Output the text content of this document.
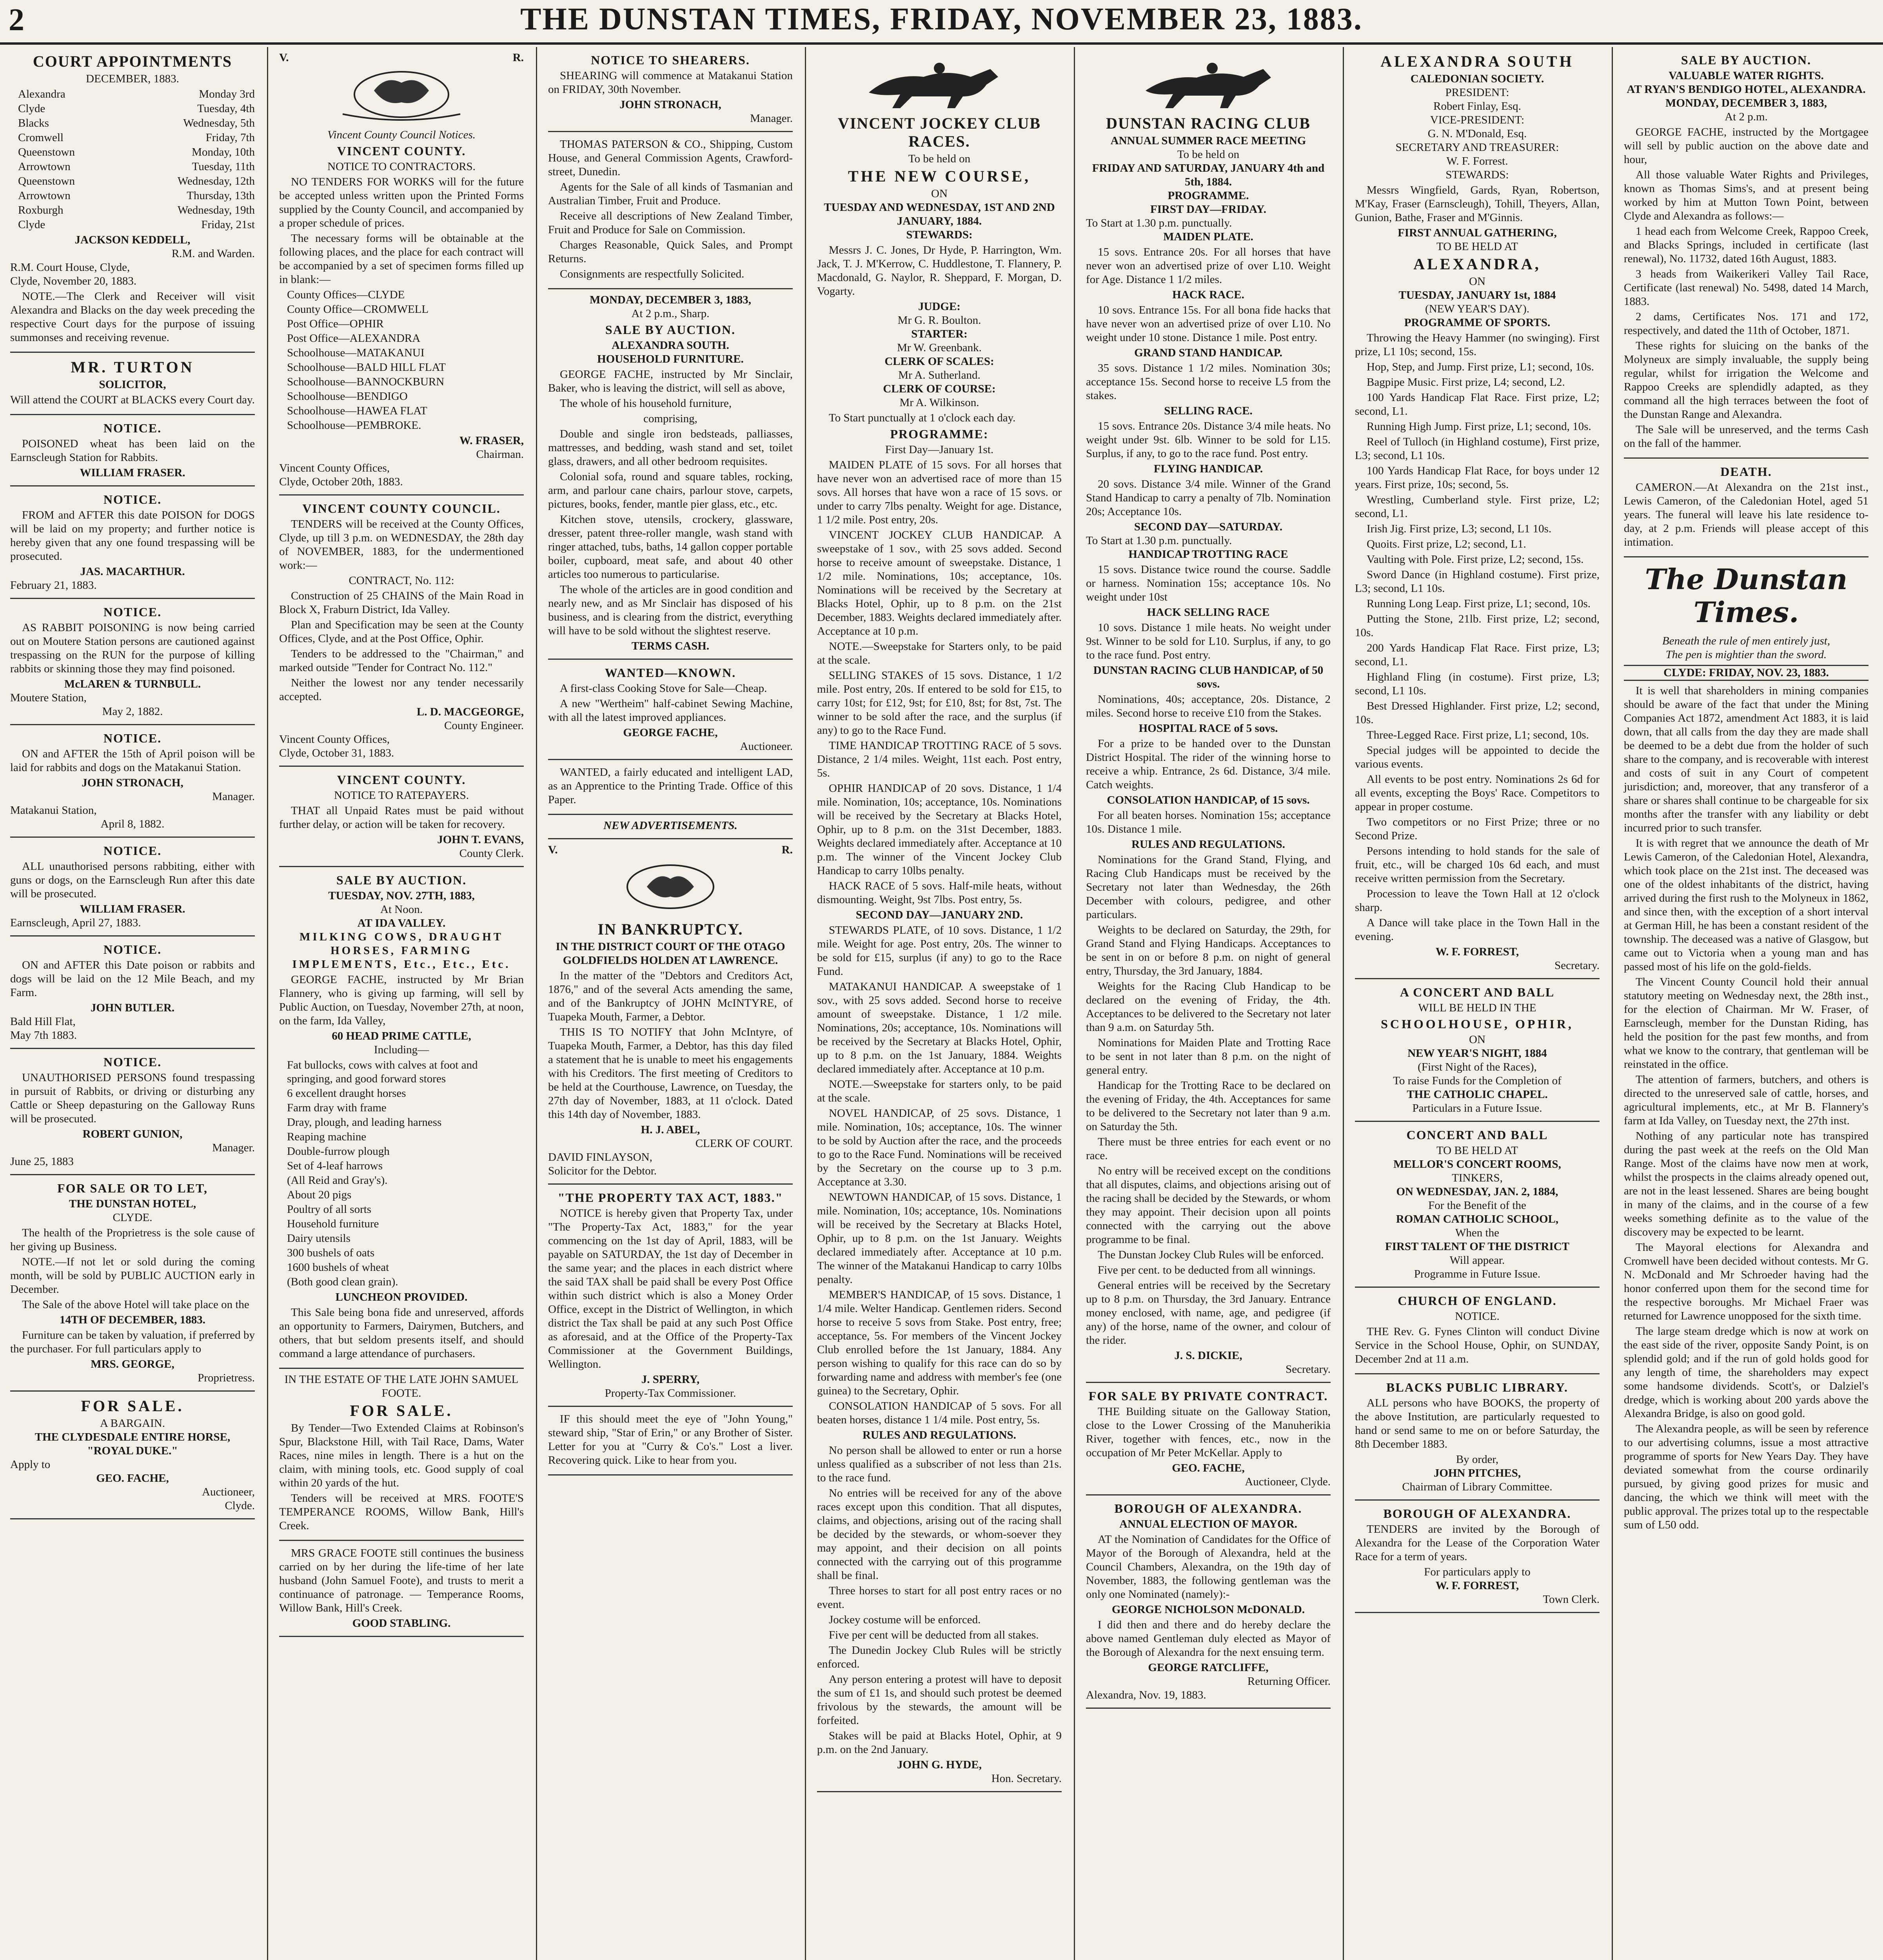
2	THE DUNSTAN TIMES, FRIDAY, NOVEMBER 23, 1883.
COURT APPOINTMENTS
DECEMBER, 1883.
Alexandra	Monday 3rd
Clyde	Tuesday, 4th
Blacks	Wednesday, 5th
Cromwell	Friday, 7th
Queenstown	Monday, 10th
Arrowtown	Tuesday, 11th
Queenstown	Wednesday, 12th
Arrowtown	Thursday, 13th
Roxburgh	Wednesday, 19th
Clyde	Friday, 21st
JACKSON KEDDELL,
R.M. and Warden.
R.M. Court House, Clyde,
Clyde, November 20, 1883.

NOTE.—The Clerk and Receiver will visit Alexandra and Blacks on the day week preceding the respective Court days for the purpose of issuing summonses and receiving revenue.

MR. TURTON
SOLICITOR,

Will attend the COURT at BLACKS every Court day.

NOTICE.

POISONED wheat has been laid on the Earnscleugh Station for Rabbits.

WILLIAM FRASER.
NOTICE.

FROM and AFTER this date POISON for DOGS will be laid on my property; and further notice is hereby given that any one found trespassing will be prosecuted.

JAS. MACARTHUR.
February 21, 1883.
NOTICE.

AS RABBIT POISONING is now being carried out on Moutere Station persons are cautioned against trespassing on the RUN for the purpose of killing rabbits or skinning those they may find poisoned.

McLAREN & TURNBULL.
Moutere Station,
May 2, 1882.
NOTICE.

ON and AFTER the 15th of April poison will be laid for rabbits and dogs on the Matakanui Station.

JOHN STRONACH,
Manager.
Matakanui Station,
April 8, 1882.
NOTICE.

ALL unauthorised persons rabbiting, either with guns or dogs, on the Earnscleugh Run after this date will be prosecuted.

WILLIAM FRASER.
Earnscleugh, April 27, 1883.
NOTICE.

ON and AFTER this Date poison or rabbits and dogs will be laid on the 12 Mile Beach, and my Farm.

JOHN BUTLER.
Bald Hill Flat,
May 7th 1883.
NOTICE.

UNAUTHORISED PERSONS found trespassing in pursuit of Rabbits, or driving or disturbing any Cattle or Sheep depasturing on the Galloway Runs will be prosecuted.

ROBERT GUNION,
Manager.
June 25, 1883
FOR SALE OR TO LET,
THE DUNSTAN HOTEL,
CLYDE.

The health of the Proprietress is the sole cause of her giving up Business.

NOTE.—If not let or sold during the coming month, will be sold by PUBLIC AUCTION early in December.

The Sale of the above Hotel will take place on the

14TH OF DECEMBER, 1883.

Furniture can be taken by valuation, if preferred by the purchaser. For full particulars apply to

MRS. GEORGE,
Proprietress.
FOR SALE.
A BARGAIN.
THE CLYDESDALE ENTIRE HORSE,
"ROYAL DUKE."
Apply to
GEO. FACHE,
Auctioneer,
Clyde.
V.	R.
Vincent County Council Notices.
VINCENT COUNTY.
NOTICE TO CONTRACTORS.

NO TENDERS FOR WORKS will for the future be accepted unless written upon the Printed Forms supplied by the County Council, and accompanied by a proper schedule of prices.

The necessary forms will be obtainable at the following places, and the place for each contract will be accompanied by a set of specimen forms filled up in blank:—

County Offices—CLYDE
County Office—CROMWELL
Post Office—OPHIR
Post Office—ALEXANDRA
Schoolhouse—MATAKANUI
Schoolhouse—BALD HILL FLAT
Schoolhouse—BANNOCKBURN
Schoolhouse—BENDIGO
Schoolhouse—HAWEA FLAT
Schoolhouse—PEMBROKE.
W. FRASER,
Chairman.
Vincent County Offices,
Clyde, October 20th, 1883.
VINCENT COUNTY COUNCIL.

TENDERS will be received at the County Offices, Clyde, up till 3 p.m. on WEDNESDAY, the 28th day of NOVEMBER, 1883, for the undermentioned work:—

CONTRACT, No. 112:

Construction of 25 CHAINS of the Main Road in Block X, Fraburn District, Ida Valley.

Plan and Specification may be seen at the County Offices, Clyde, and at the Post Office, Ophir.

Tenders to be addressed to the "Chairman," and marked outside "Tender for Contract No. 112."

Neither the lowest nor any tender necessarily accepted.

L. D. MACGEORGE,
County Engineer.
Vincent County Offices,
Clyde, October 31, 1883.
VINCENT COUNTY.
NOTICE TO RATEPAYERS.

THAT all Unpaid Rates must be paid without further delay, or action will be taken for recovery.

JOHN T. EVANS,
County Clerk.
SALE BY AUCTION.
TUESDAY, NOV. 27TH, 1883,
At Noon.
AT IDA VALLEY.
MILKING COWS, DRAUGHT HORSES, FARMING IMPLEMENTS, Etc., Etc., Etc.

GEORGE FACHE, instructed by Mr Brian Flannery, who is giving up farming, will sell by Public Auction, on Tuesday, November 27th, at noon, on the farm, Ida Valley,

60 HEAD PRIME CATTLE,
Including—
Fat bullocks, cows with calves at foot and springing, and good forward stores
6 excellent draught horses
Farm dray with frame
Dray, plough, and leading harness
Reaping machine
Double-furrow plough
Set of 4-leaf harrows
(All Reid and Gray's).
About 20 pigs
Poultry of all sorts
Household furniture
Dairy utensils
300 bushels of oats
1600 bushels of wheat
(Both good clean grain).
LUNCHEON PROVIDED.

This Sale being bona fide and unreserved, affords an opportunity to Farmers, Dairymen, Butchers, and others, that but seldom presents itself, and should command a large attendance of purchasers.

IN THE ESTATE OF THE LATE JOHN SAMUEL FOOTE.
FOR SALE.

By Tender—Two Extended Claims at Robinson's Spur, Blackstone Hill, with Tail Race, Dams, Water Races, nine miles in length. There is a hut on the claim, with mining tools, etc. Good supply of coal within 20 yards of the hut.

Tenders will be received at MRS. FOOTE'S TEMPERANCE ROOMS, Willow Bank, Hill's Creek.

MRS GRACE FOOTE still continues the business carried on by her during the life-time of her late husband (John Samuel Foote), and trusts to merit a continuance of patronage. — Temperance Rooms, Willow Bank, Hill's Creek.

GOOD STABLING.
NOTICE TO SHEARERS.

SHEARING will commence at Matakanui Station on FRIDAY, 30th November.

JOHN STRONACH,
Manager.

THOMAS PATERSON & CO., Shipping, Custom House, and General Commission Agents, Crawford-street, Dunedin.

Agents for the Sale of all kinds of Tasmanian and Australian Timber, Fruit and Produce.

Receive all descriptions of New Zealand Timber, Fruit and Produce for Sale on Commission.

Charges Reasonable, Quick Sales, and Prompt Returns.

Consignments are respectfully Solicited.

MONDAY, DECEMBER 3, 1883,
At 2 p.m., Sharp.
SALE BY AUCTION.
ALEXANDRA SOUTH.
HOUSEHOLD FURNITURE.

GEORGE FACHE, instructed by Mr Sinclair, Baker, who is leaving the district, will sell as above,

The whole of his household furniture,

comprising,

Double and single iron bedsteads, palliasses, mattresses, and bedding, wash stand and set, toilet glass, drawers, and all other bedroom requisites.

Colonial sofa, round and square tables, rocking, arm, and parlour cane chairs, parlour stove, carpets, pictures, books, fender, mantle pier glass, etc., etc.

Kitchen stove, utensils, crockery, glassware, dresser, patent three-roller mangle, wash stand with ringer attached, tubs, baths, 14 gallon copper portable boiler, cupboard, meat safe, and about 40 other articles too numerous to particularise.

The whole of the articles are in good condition and nearly new, and as Mr Sinclair has disposed of his business, and is clearing from the district, everything will have to be sold without the slightest reserve.

TERMS CASH.
WANTED—KNOWN.

A first-class Cooking Stove for Sale—Cheap.

A new "Wertheim" half-cabinet Sewing Machine, with all the latest improved appliances.

GEORGE FACHE,
Auctioneer.

WANTED, a fairly educated and intelligent LAD, as an Apprentice to the Printing Trade. Office of this Paper.

NEW ADVERTISEMENTS.
V.	R.
IN BANKRUPTCY.
IN THE DISTRICT COURT OF THE OTAGO GOLDFIELDS HOLDEN AT LAWRENCE.

In the matter of the "Debtors and Creditors Act, 1876," and of the several Acts amending the same, and of the Bankruptcy of JOHN McINTYRE, of Tuapeka Mouth, Farmer, a Debtor.

THIS IS TO NOTIFY that John McIntyre, of Tuapeka Mouth, Farmer, a Debtor, has this day filed a statement that he is unable to meet his engagements with his Creditors. The first meeting of Creditors to be held at the Courthouse, Lawrence, on Tuesday, the 27th day of November, 1883, at 11 o'clock. Dated this 14th day of November, 1883.

H. J. ABEL,
CLERK OF COURT.
DAVID FINLAYSON,
Solicitor for the Debtor.
"THE PROPERTY TAX ACT, 1883."

NOTICE is hereby given that Property Tax, under "The Property-Tax Act, 1883," for the year commencing on the 1st day of April, 1883, will be payable on SATURDAY, the 1st day of December in the same year; and the places in each district where the said TAX shall be paid shall be every Post Office within such district which is also a Money Order Office, except in the District of Wellington, in which district the Tax shall be paid at any such Post Office as aforesaid, and at the Office of the Property-Tax Commissioner at the Government Buildings, Wellington.

J. SPERRY,
Property-Tax Commissioner.

IF this should meet the eye of "John Young," steward ship, "Star of Erin," or any Brother of Sister. Letter for you at "Curry & Co's." Lost a liver. Recovering quick. Like to hear from you.

VINCENT JOCKEY CLUB RACES.
To be held on
THE NEW COURSE,
ON
TUESDAY AND WEDNESDAY, 1ST AND 2ND JANUARY, 1884.
STEWARDS:

Messrs J. C. Jones, Dr Hyde, P. Harrington, Wm. Jack, T. J. M'Kerrow, C. Huddlestone, T. Flannery, P. Macdonald, G. Naylor, R. Sheppard, F. Morgan, D. Vogarty.

JUDGE:
Mr G. R. Boulton.
STARTER:
Mr W. Greenbank.
CLERK OF SCALES:
Mr A. Sutherland.
CLERK OF COURSE:
Mr A. Wilkinson.

To Start punctually at 1 o'clock each day.

PROGRAMME:
First Day—January 1st.

MAIDEN PLATE of 15 sovs. For all horses that have never won an advertised race of more than 15 sovs. All horses that have won a race of 15 sovs. or under to carry 7lbs penalty. Weight for age. Distance, 1 1/2 mile. Post entry, 20s.

VINCENT JOCKEY CLUB HANDICAP. A sweepstake of 1 sov., with 25 sovs added. Second horse to receive amount of sweepstake. Distance, 1 1/2 mile. Nominations, 10s; acceptance, 10s. Nominations will be received by the Secretary at Blacks Hotel, Ophir, up to 8 p.m. on the 21st December, 1883. Weights declared immediately after. Acceptance at 10 p.m.

NOTE.—Sweepstake for Starters only, to be paid at the scale.

SELLING STAKES of 15 sovs. Distance, 1 1/2 mile. Post entry, 20s. If entered to be sold for £15, to carry 10st; for £12, 9st; for £10, 8st; for 8st, 7st. The winner to be sold after the race, and the surplus (if any) to go to the Race Fund.

TIME HANDICAP TROTTING RACE of 5 sovs. Distance, 2 1/4 miles. Weight, 11st each. Post entry, 5s.

OPHIR HANDICAP of 20 sovs. Distance, 1 1/4 mile. Nomination, 10s; acceptance, 10s. Nominations will be received by the Secretary at Blacks Hotel, Ophir, up to 8 p.m. on the 31st December, 1883. Weights declared immediately after. Acceptance at 10 p.m. The winner of the Vincent Jockey Club Handicap to carry 10lbs penalty.

HACK RACE of 5 sovs. Half-mile heats, without dismounting. Weight, 9st 7lbs. Post entry, 5s.

SECOND DAY—JANUARY 2ND.

STEWARDS PLATE, of 10 sovs. Distance, 1 1/2 mile. Weight for age. Post entry, 20s. The winner to be sold for £15, surplus (if any) to go to the Race Fund.

MATAKANUI HANDICAP. A sweepstake of 1 sov., with 25 sovs added. Second horse to receive amount of sweepstake. Distance, 1 1/2 mile. Nominations, 20s; acceptance, 10s. Nominations will be received by the Secretary at Blacks Hotel, Ophir, up to 8 p.m. on the 1st January, 1884. Weights declared immediately after. Acceptance at 10 p.m.

NOTE.—Sweepstake for starters only, to be paid at the scale.

NOVEL HANDICAP, of 25 sovs. Distance, 1 mile. Nomination, 10s; acceptance, 10s. The winner to be sold by Auction after the race, and the proceeds to go to the Race Fund. Nominations will be received by the Secretary on the course up to 3 p.m. Acceptance at 3.30.

NEWTOWN HANDICAP, of 15 sovs. Distance, 1 mile. Nomination, 10s; acceptance, 10s. Nominations will be received by the Secretary at Blacks Hotel, Ophir, up to 8 p.m. on the 1st January. Weights declared immediately after. Acceptance at 10 p.m. The winner of the Matakanui Handicap to carry 10lbs penalty.

MEMBER'S HANDICAP, of 15 sovs. Distance, 1 1/4 mile. Welter Handicap. Gentlemen riders. Second horse to receive 5 sovs from Stake. Post entry, free; acceptance, 5s. For members of the Vincent Jockey Club enrolled before the 1st January, 1884. Any person wishing to qualify for this race can do so by forwarding name and address with member's fee (one guinea) to the Secretary, Ophir.

CONSOLATION HANDICAP of 5 sovs. For all beaten horses, distance 1 1/4 mile. Post entry, 5s.

RULES AND REGULATIONS.

No person shall be allowed to enter or run a horse unless qualified as a subscriber of not less than 21s. to the race fund.

No entries will be received for any of the above races except upon this condition. That all disputes, claims, and objections, arising out of the racing shall be decided by the stewards, or whom-soever they may appoint, and their decision on all points connected with the carrying out of this programme shall be final.

Three horses to start for all post entry races or no event.

Jockey costume will be enforced.

Five per cent will be deducted from all stakes.

The Dunedin Jockey Club Rules will be strictly enforced.

Any person entering a protest will have to deposit the sum of £1 1s, and should such protest be deemed frivolous by the stewards, the amount will be forfeited.

Stakes will be paid at Blacks Hotel, Ophir, at 9 p.m. on the 2nd January.

JOHN G. HYDE,
Hon. Secretary.
DUNSTAN RACING CLUB
ANNUAL SUMMER RACE MEETING
To be held on
FRIDAY AND SATURDAY, JANUARY 4th and 5th, 1884.
PROGRAMME.
FIRST DAY—FRIDAY.
To Start at 1.30 p.m. punctually.
MAIDEN PLATE.

15 sovs. Entrance 20s. For all horses that have never won an advertised prize of over L10. Weight for Age. Distance 1 1/2 miles.

HACK RACE.

10 sovs. Entrance 15s. For all bona fide hacks that have never won an advertised prize of over L10. No weight under 10 stone. Distance 1 mile. Post entry.

GRAND STAND HANDICAP.

35 sovs. Distance 1 1/2 miles. Nomination 30s; acceptance 15s. Second horse to receive L5 from the stakes.

SELLING RACE.

15 sovs. Entrance 20s. Distance 3/4 mile heats. No weight under 9st. 6lb. Winner to be sold for L15. Surplus, if any, to go to the race fund. Post entry.

FLYING HANDICAP.

20 sovs. Distance 3/4 mile. Winner of the Grand Stand Handicap to carry a penalty of 7lb. Nomination 20s; Acceptance 10s.

SECOND DAY—SATURDAY.
To Start at 1.30 p.m. punctually.
HANDICAP TROTTING RACE

15 sovs. Distance twice round the course. Saddle or harness. Nomination 15s; acceptance 10s. No weight under 10st

HACK SELLING RACE

10 sovs. Distance 1 mile heats. No weight under 9st. Winner to be sold for L10. Surplus, if any, to go to the race fund. Post entry.

DUNSTAN RACING CLUB HANDICAP, of 50 sovs.

Nominations, 40s; acceptance, 20s. Distance, 2 miles. Second horse to receive £10 from the Stakes.

HOSPITAL RACE of 5 sovs.

For a prize to be handed over to the Dunstan District Hospital. The rider of the winning horse to receive a whip. Entrance, 2s 6d. Distance, 3/4 mile. Catch weights.

CONSOLATION HANDICAP, of 15 sovs.

For all beaten horses. Nomination 15s; acceptance 10s. Distance 1 mile.

RULES AND REGULATIONS.

Nominations for the Grand Stand, Flying, and Racing Club Handicaps must be received by the Secretary not later than Wednesday, the 26th December with colours, pedigree, and other particulars.

Weights to be declared on Saturday, the 29th, for Grand Stand and Flying Handicaps. Acceptances to be sent in on or before 8 p.m. on night of general entry, Thursday, the 3rd January, 1884.

Weights for the Racing Club Handicap to be declared on the evening of Friday, the 4th. Acceptances to be delivered to the Secretary not later than 9 a.m. on Saturday 5th.

Nominations for Maiden Plate and Trotting Race to be sent in not later than 8 p.m. on the night of general entry.

Handicap for the Trotting Race to be declared on the evening of Friday, the 4th. Acceptances for same to be delivered to the Secretary not later than 9 a.m. on Saturday the 5th.

There must be three entries for each event or no race.

No entry will be received except on the conditions that all disputes, claims, and objections arising out of the racing shall be decided by the Stewards, or whom they may appoint. Their decision upon all points connected with the carrying out the above programme to be final.

The Dunstan Jockey Club Rules will be enforced.

Five per cent. to be deducted from all winnings.

General entries will be received by the Secretary up to 8 p.m. on Thursday, the 3rd January. Entrance money enclosed, with name, age, and pedigree (if any) of the horse, name of the owner, and colour of the rider.

J. S. DICKIE,
Secretary.
FOR SALE BY PRIVATE CONTRACT.

THE Building situate on the Galloway Station, close to the Lower Crossing of the Manuherikia River, together with fences, etc., now in the occupation of Mr Peter McKellar. Apply to

GEO. FACHE,
Auctioneer, Clyde.
BOROUGH OF ALEXANDRA.
ANNUAL ELECTION OF MAYOR.

AT the Nomination of Candidates for the Office of Mayor of the Borough of Alexandra, held at the Council Chambers, Alexandra, on the 19th day of November, 1883, the following gentleman was the only one Nominated (namely):-

GEORGE NICHOLSON McDONALD.

I did then and there and do hereby declare the above named Gentleman duly elected as Mayor of the Borough of Alexandra for the next ensuing term.

GEORGE RATCLIFFE,
Returning Officer.
Alexandra, Nov. 19, 1883.
ALEXANDRA SOUTH
CALEDONIAN SOCIETY.
PRESIDENT:
Robert Finlay, Esq.
VICE-PRESIDENT:
G. N. M'Donald, Esq.
SECRETARY AND TREASURER:
W. F. Forrest.
STEWARDS:

Messrs Wingfield, Gards, Ryan, Robertson, M'Kay, Fraser (Earnscleugh), Tohill, Theyers, Allan, Gunion, Bathe, Fraser and M'Ginnis.

FIRST ANNUAL GATHERING,
TO BE HELD AT
ALEXANDRA,
ON
TUESDAY, JANUARY 1st, 1884
(NEW YEAR'S DAY).
PROGRAMME OF SPORTS.

Throwing the Heavy Hammer (no swinging). First prize, L1 10s; second, 15s.

Hop, Step, and Jump. First prize, L1; second, 10s.

Bagpipe Music. First prize, L4; second, L2.

100 Yards Handicap Flat Race. First prize, L2; second, L1.

Running High Jump. First prize, L1; second, 10s.

Reel of Tulloch (in Highland costume), First prize, L3; second, L1 10s.

100 Yards Handicap Flat Race, for boys under 12 years. First prize, 10s; second, 5s.

Wrestling, Cumberland style. First prize, L2; second, L1.

Irish Jig. First prize, L3; second, L1 10s.

Quoits. First prize, L2; second, L1.

Vaulting with Pole. First prize, L2; second, 15s.

Sword Dance (in Highland costume). First prize, L3; second, L1 10s.

Running Long Leap. First prize, L1; second, 10s.

Putting the Stone, 21lb. First prize, L2; second, 10s.

200 Yards Handicap Flat Race. First prize, L3; second, L1.

Highland Fling (in costume). First prize, L3; second, L1 10s.

Best Dressed Highlander. First prize, L2; second, 10s.

Three-Legged Race. First prize, L1; second, 10s.

Special judges will be appointed to decide the various events.

All events to be post entry. Nominations 2s 6d for all events, excepting the Boys' Race. Competitors to appear in proper costume.

Two competitors or no First Prize; three or no Second Prize.

Persons intending to hold stands for the sale of fruit, etc., will be charged 10s 6d each, and must receive written permission from the Secretary.

Procession to leave the Town Hall at 12 o'clock sharp.

A Dance will take place in the Town Hall in the evening.

W. F. FORREST,
Secretary.
A CONCERT AND BALL
WILL BE HELD IN THE
SCHOOLHOUSE, OPHIR,
ON
NEW YEAR'S NIGHT, 1884
(First Night of the Races),
To raise Funds for the Completion of
THE CATHOLIC CHAPEL.
Particulars in a Future Issue.
CONCERT AND BALL
TO BE HELD AT
MELLOR'S CONCERT ROOMS,
TINKERS,
ON WEDNESDAY, JAN. 2, 1884,
For the Benefit of the
ROMAN CATHOLIC SCHOOL,
When the
FIRST TALENT OF THE DISTRICT
Will appear.
Programme in Future Issue.
CHURCH OF ENGLAND.
NOTICE.

THE Rev. G. Fynes Clinton will conduct Divine Service in the School House, Ophir, on SUNDAY, December 2nd at 11 a.m.

BLACKS PUBLIC LIBRARY.

ALL persons who have BOOKS, the property of the above Institution, are particularly requested to hand or send same to me on or before Saturday, the 8th December 1883.

By order,
JOHN PITCHES,
Chairman of Library Committee.
BOROUGH OF ALEXANDRA.

TENDERS are invited by the Borough of Alexandra for the Lease of the Corporation Water Race for a term of years.

For particulars apply to
W. F. FORREST,
Town Clerk.
SALE BY AUCTION.
VALUABLE WATER RIGHTS.
AT RYAN'S BENDIGO HOTEL, ALEXANDRA.
MONDAY, DECEMBER 3, 1883,
At 2 p.m.

GEORGE FACHE, instructed by the Mortgagee will sell by public auction on the above date and hour,

All those valuable Water Rights and Privileges, known as Thomas Sims's, and at present being worked by him at Mutton Town Point, between Clyde and Alexandra as follows:—

1 head each from Welcome Creek, Rappoo Creek, and Blacks Springs, included in certificate (last renewal), No. 11732, dated 16th August, 1883.

3 heads from Waikerikeri Valley Tail Race, Certificate (last renewal) No. 5498, dated 14 March, 1883.

2 dams, Certificates Nos. 171 and 172, respectively, and dated the 11th of October, 1871.

These rights for sluicing on the banks of the Molyneux are simply invaluable, the supply being regular, whilst for irrigation the Welcome and Rappoo Creeks are splendidly adapted, as they command all the high terraces between the foot of the Dunstan Range and Alexandra.

The Sale will be unreserved, and the terms Cash on the fall of the hammer.

DEATH.

CAMERON.—At Alexandra on the 21st inst., Lewis Cameron, of the Caledonian Hotel, aged 51 years. The funeral will leave his late residence to-day, at 2 p.m. Friends will please accept of this intimation.

The Dunstan Times.
Beneath the rule of men entirely just,
The pen is mightier than the sword.
CLYDE: FRIDAY, NOV. 23, 1883.

It is well that shareholders in mining companies should be aware of the fact that under the Mining Companies Act 1872, amendment Act 1883, it is laid down, that all calls from the day they are made shall be deemed to be a debt due from the holder of such share to the company, and is recoverable with interest and costs of suit in any Court of competent jurisdiction; and, moreover, that any transferor of a share or shares shall continue to be chargeable for six months after the transfer with any liability or debt incurred prior to such transfer.

It is with regret that we announce the death of Mr Lewis Cameron, of the Caledonian Hotel, Alexandra, which took place on the 21st inst. The deceased was one of the oldest inhabitants of the district, having arrived during the first rush to the Molyneux in 1862, and since then, with the exception of a short interval at German Hill, he has been a constant resident of the township. The deceased was a native of Glasgow, but came out to Victoria when a young man and has passed most of his life on the gold-fields.

The Vincent County Council hold their annual statutory meeting on Wednesday next, the 28th inst., for the election of Chairman. Mr W. Fraser, of Earnscleugh, member for the Dunstan Riding, has held the position for the past few months, and from what we know to the contrary, that gentleman will be reinstated in the office.

The attention of farmers, butchers, and others is directed to the unreserved sale of cattle, horses, and agricultural implements, etc., at Mr B. Flannery's farm at Ida Valley, on Tuesday next, the 27th inst.

Nothing of any particular note has transpired during the past week at the reefs on the Old Man Range. Most of the claims have now men at work, whilst the prospects in the claims already opened out, are not in the least lessened. Shares are being bought in many of the claims, and in the course of a few weeks something definite as to the value of the discovery may be expected to be learnt.

The Mayoral elections for Alexandra and Cromwell have been decided without contests. Mr G. N. McDonald and Mr Schroeder having had the honor conferred upon them for the second time for the respective boroughs. Mr Michael Fraer was returned for Lawrence unopposed for the sixth time.

The large steam dredge which is now at work on the east side of the river, opposite Sandy Point, is on splendid gold; and if the run of gold holds good for any length of time, the shareholders may expect some handsome dividends. Scott's, or Dalziel's dredge, which is working about 200 yards above the Alexandra Bridge, is also on good gold.

The Alexandra people, as will be seen by reference to our advertising columns, issue a most attractive programme of sports for New Years Day. They have deviated somewhat from the course ordinarily pursued, by giving good prizes for music and dancing, the which we think will meet with the public approval. The prizes total up to the respectable sum of L50 odd.
